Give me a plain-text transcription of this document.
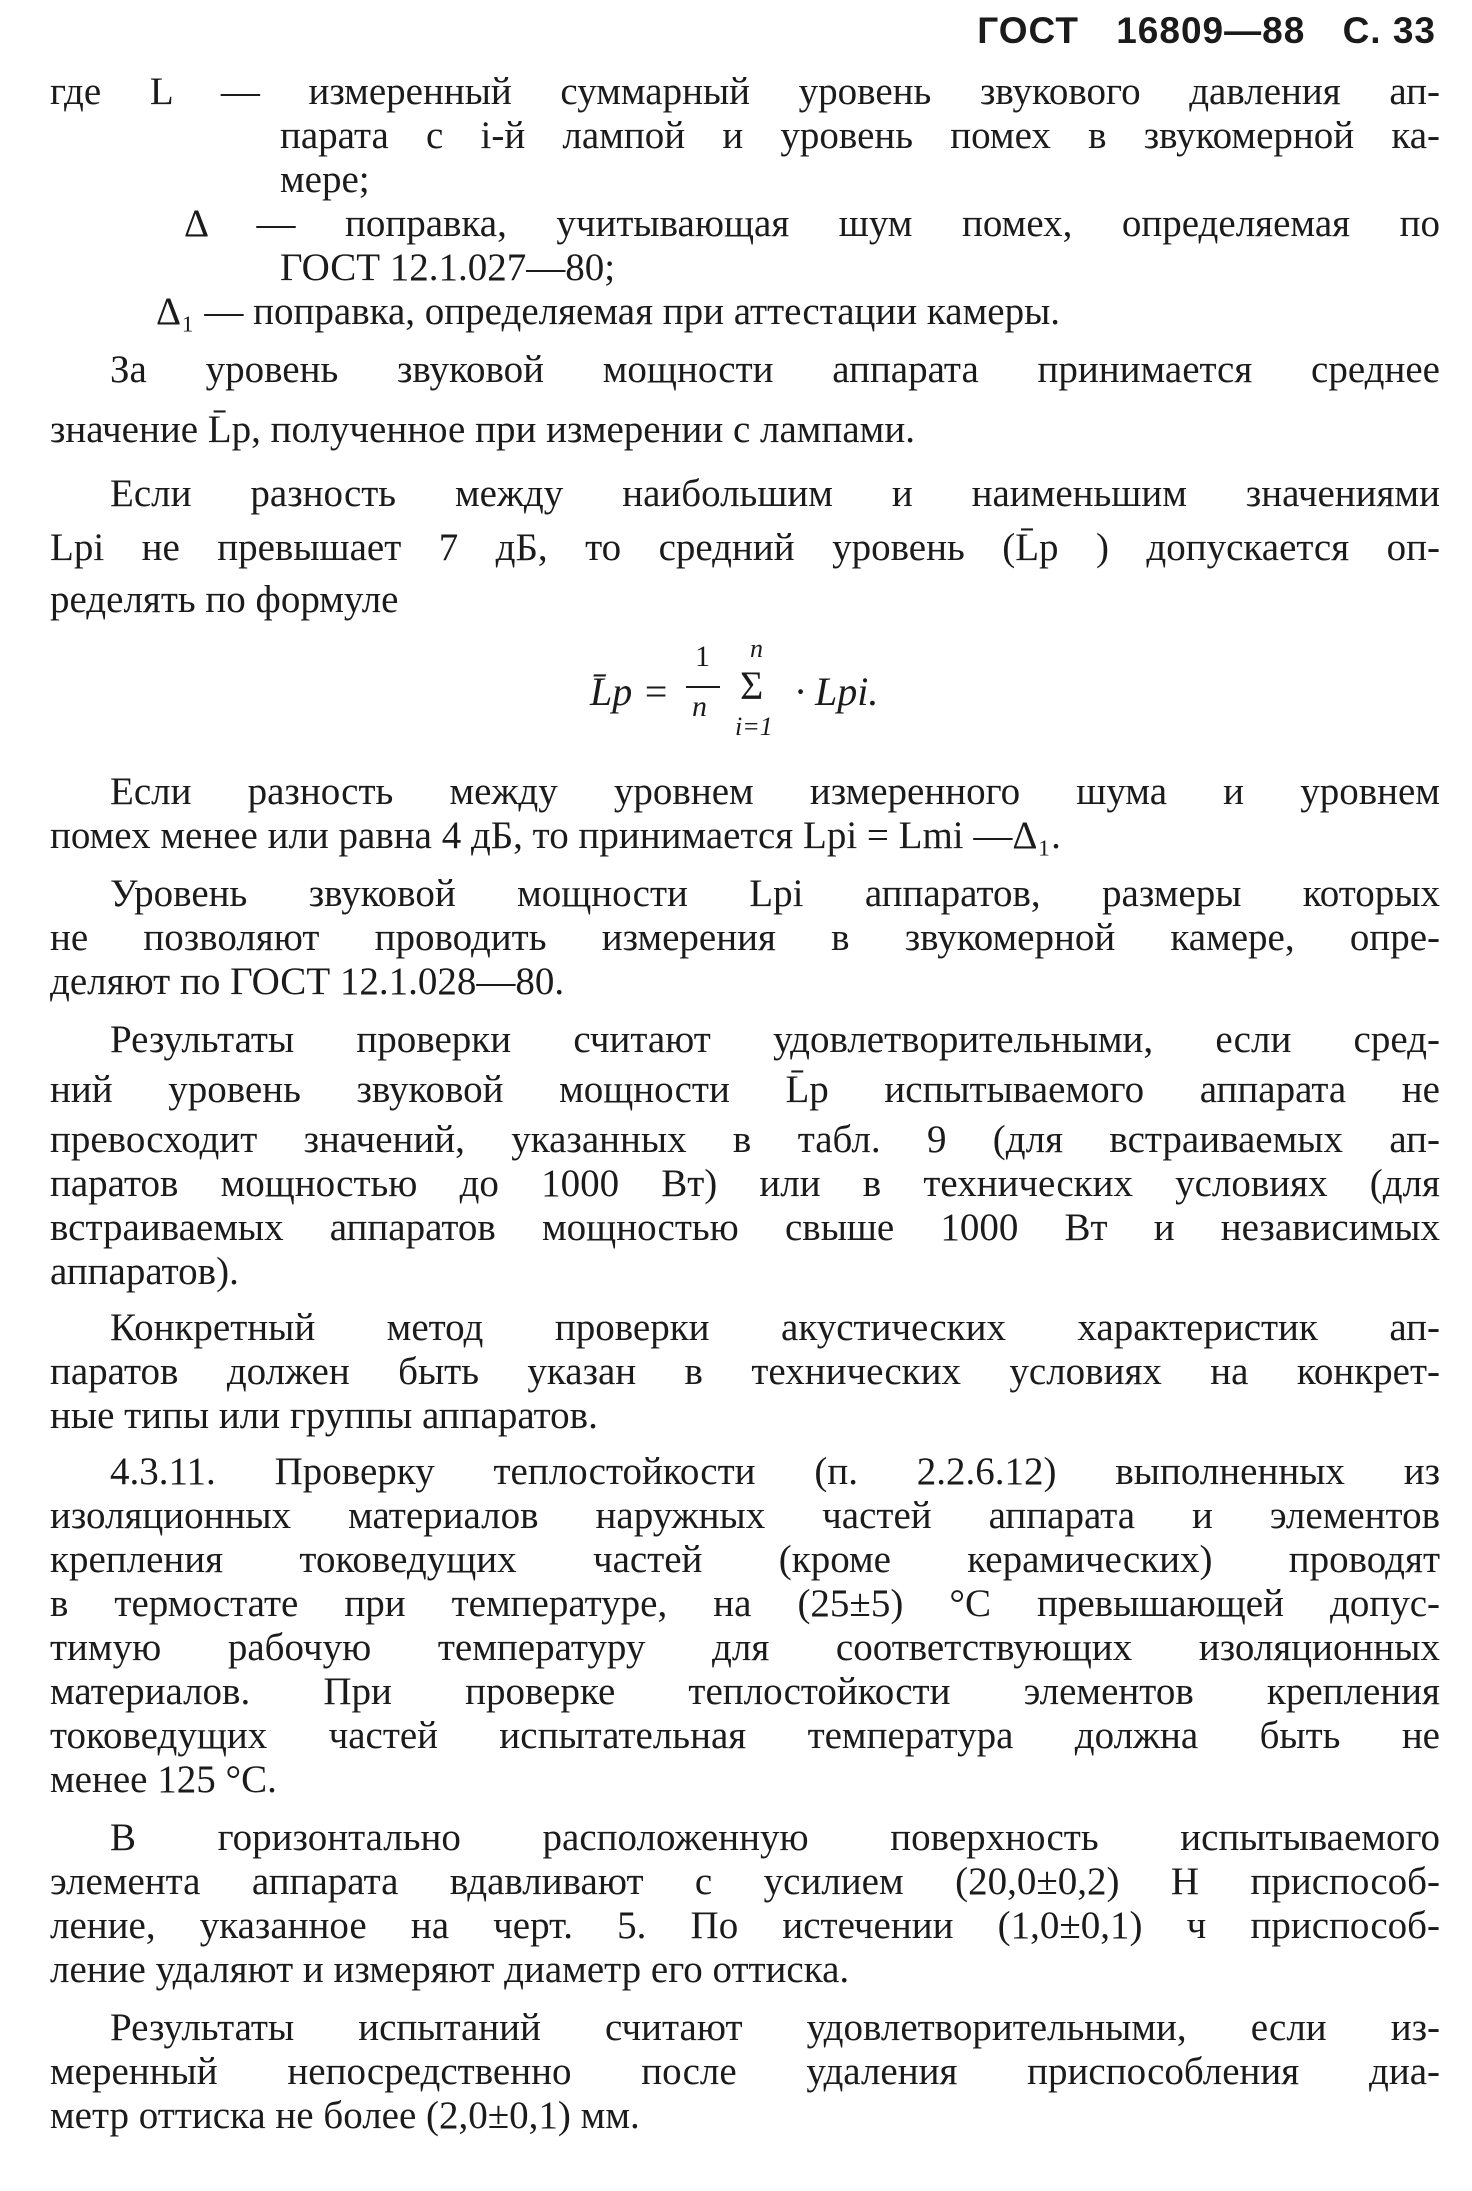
ГОСТ 16809—88 С. 33
где L — измеренный суммарный уровень звукового давления ап-
парата с i-й лампой и уровень помех в звукомерной ка-
мере;
Δ — поправка, учитывающая шум помех, определяемая по
ГОСТ 12.1.027—80;
Δ₁ — поправка, определяемая при аттестации камеры.
За уровень звуковой мощности аппарата принимается среднее
значение L̄p, полученное при измерении с лампами.
Если разность между наибольшим и наименьшим значениями
Lpi не превышает 7 дБ, то средний уровень (L̄p ) допускается оп-
ределять по формуле
L̄p =
1
n
n
Σ
i=1
· Lpi.
Если разность между уровнем измеренного шума и уровнем
помех менее или равна 4 дБ, то принимается Lpi = Lmi —Δ₁.
Уровень звуковой мощности Lpi аппаратов, размеры которых
не позволяют проводить измерения в звукомерной камере, опре-
деляют по ГОСТ 12.1.028—80.
Результаты проверки считают удовлетворительными, если сред-
ний уровень звуковой мощности L̄p испытываемого аппарата не
превосходит значений, указанных в табл. 9 (для встраиваемых ап-
паратов мощностью до 1000 Вт) или в технических условиях (для
встраиваемых аппаратов мощностью свыше 1000 Вт и независимых
аппаратов).
Конкретный метод проверки акустических характеристик ап-
паратов должен быть указан в технических условиях на конкрет-
ные типы или группы аппаратов.
4.3.11. Проверку теплостойкости (п. 2.2.6.12) выполненных из
изоляционных материалов наружных частей аппарата и элементов
крепления токоведущих частей (кроме керамических) проводят
в термостате при температуре, на (25±5) °С превышающей допус-
тимую рабочую температуру для соответствующих изоляционных
материалов. При проверке теплостойкости элементов крепления
токоведущих частей испытательная температура должна быть не
менее 125 °С.
В горизонтально расположенную поверхность испытываемого
элемента аппарата вдавливают с усилием (20,0±0,2) Н приспособ-
ление, указанное на черт. 5. По истечении (1,0±0,1) ч приспособ-
ление удаляют и измеряют диаметр его оттиска.
Результаты испытаний считают удовлетворительными, если из-
меренный непосредственно после удаления приспособления диа-
метр оттиска не более (2,0±0,1) мм.
